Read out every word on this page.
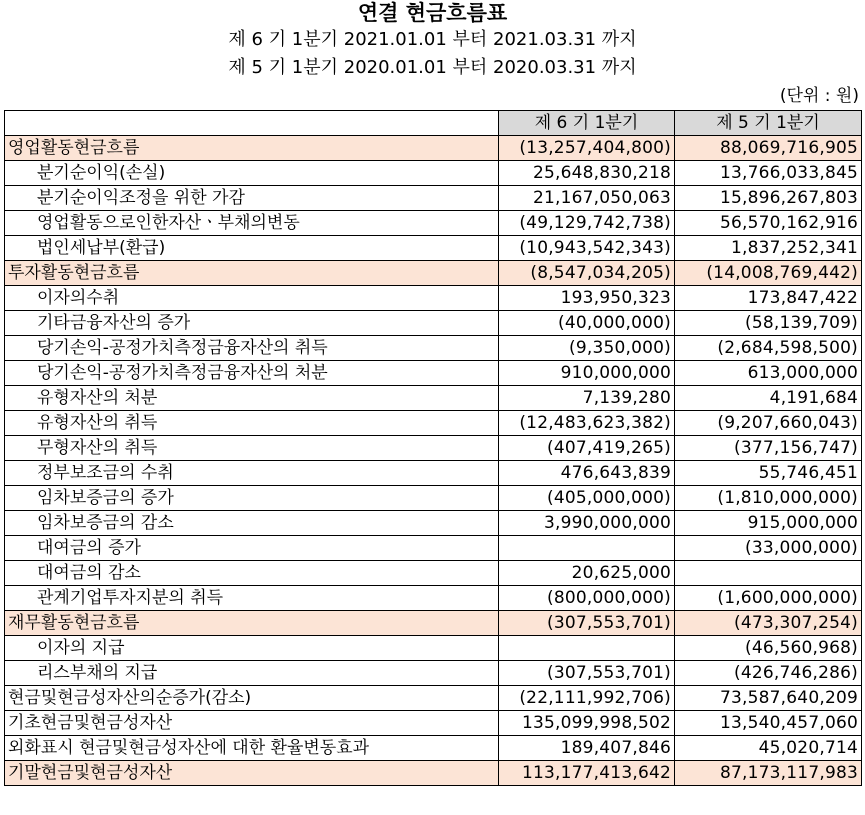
연결 현금흐름표
제 6 기 1분기 2021.01.01 부터 2021.03.31 까지
제 5 기 1분기 2020.01.01 부터 2020.03.31 까지
(단위 : 원)
	제 6 기 1분기	제 5 기 1분기
영업활동현금흐름	(13,257,404,800)	88,069,716,905
분기순이익(손실)	25,648,830,218	13,766,033,845
분기순이익조정을 위한 가감	21,167,050,063	15,896,267,803
영업활동으로인한자산ㆍ부채의변동	(49,129,742,738)	56,570,162,916
법인세납부(환급)	(10,943,542,343)	1,837,252,341
투자활동현금흐름	(8,547,034,205)	(14,008,769,442)
이자의수취	193,950,323	173,847,422
기타금융자산의 증가	(40,000,000)	(58,139,709)
당기손익-공정가치측정금융자산의 취득	(9,350,000)	(2,684,598,500)
당기손익-공정가치측정금융자산의 처분	910,000,000	613,000,000
유형자산의 처분	7,139,280	4,191,684
유형자산의 취득	(12,483,623,382)	(9,207,660,043)
무형자산의 취득	(407,419,265)	(377,156,747)
정부보조금의 수취	476,643,839	55,746,451
임차보증금의 증가	(405,000,000)	(1,810,000,000)
임차보증금의 감소	3,990,000,000	915,000,000
대여금의 증가		(33,000,000)
대여금의 감소	20,625,000	
관계기업투자지분의 취득	(800,000,000)	(1,600,000,000)
재무활동현금흐름	(307,553,701)	(473,307,254)
이자의 지급		(46,560,968)
리스부채의 지급	(307,553,701)	(426,746,286)
현금및현금성자산의순증가(감소)	(22,111,992,706)	73,587,640,209
기초현금및현금성자산	135,099,998,502	13,540,457,060
외화표시 현금및현금성자산에 대한 환율변동효과	189,407,846	45,020,714
기말현금및현금성자산	113,177,413,642	87,173,117,983
